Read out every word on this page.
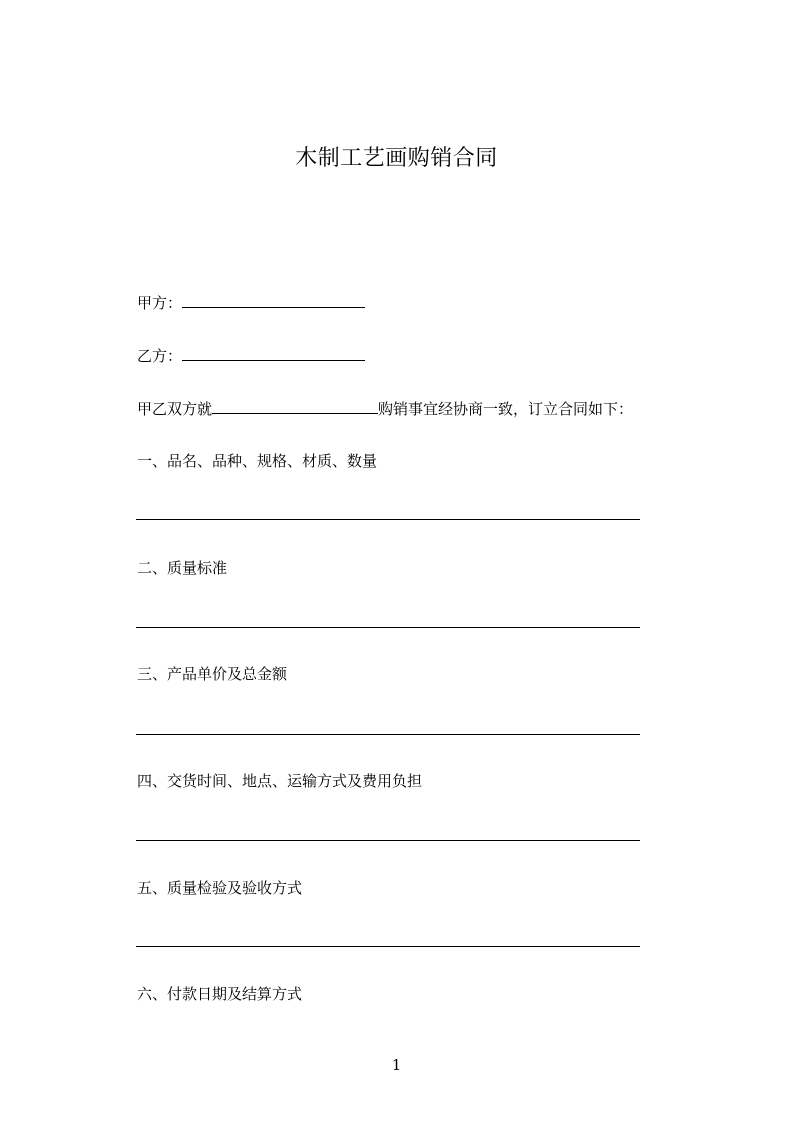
木制工艺画购销合同
甲方：
乙方：
甲乙双方就	购销事宜经协商一致，订立合同如下：
一、品名、品种、规格、材质、数量
二、质量标准
三、产品单价及总金额
四、交货时间、地点、运输方式及费用负担
五、质量检验及验收方式
六、付款日期及结算方式
1
